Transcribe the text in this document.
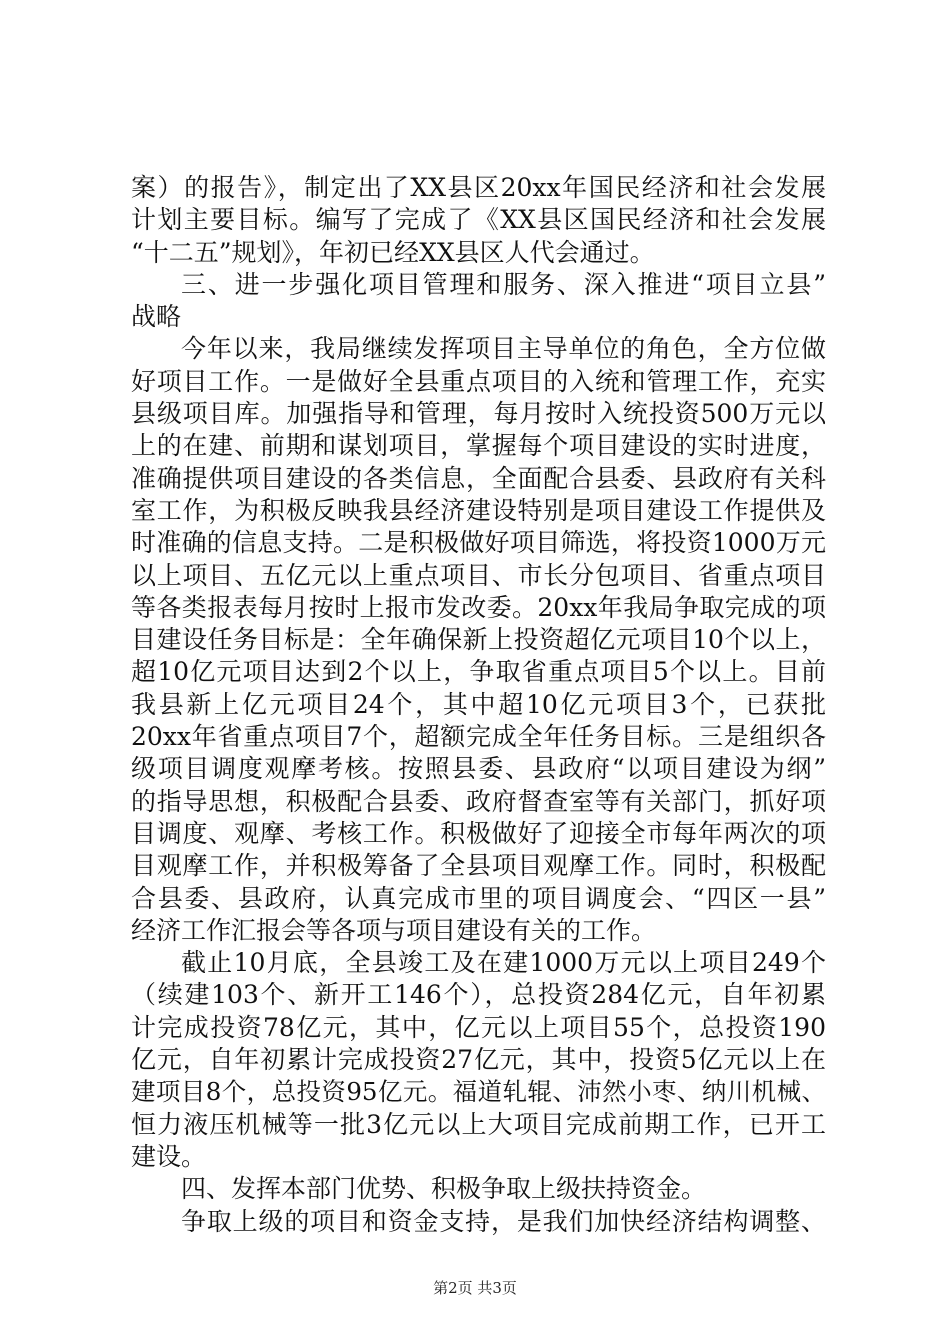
案）的报告》，制定出了XX县区20xx年国民经济和社会发展
计划主要目标。编写了完成了《XX县区国民经济和社会发展
“十二五”规划》，年初已经XX县区人代会通过。
三、进一步强化项目管理和服务、深入推进“项目立县”
战略
今年以来，我局继续发挥项目主导单位的角色，全方位做
好项目工作。一是做好全县重点项目的入统和管理工作，充实
县级项目库。加强指导和管理，每月按时入统投资500万元以
上的在建、前期和谋划项目，掌握每个项目建设的实时进度，
准确提供项目建设的各类信息，全面配合县委、县政府有关科
室工作，为积极反映我县经济建设特别是项目建设工作提供及
时准确的信息支持。二是积极做好项目筛选，将投资1000万元
以上项目、五亿元以上重点项目、市长分包项目、省重点项目
等各类报表每月按时上报市发改委。20xx年我局争取完成的项
目建设任务目标是：全年确保新上投资超亿元项目10个以上，
超10亿元项目达到2个以上，争取省重点项目5个以上。目前
我县新上亿元项目24个，其中超10亿元项目3个，已获批
20xx年省重点项目7个，超额完成全年任务目标。三是组织各
级项目调度观摩考核。按照县委、县政府“以项目建设为纲”
的指导思想，积极配合县委、政府督查室等有关部门，抓好项
目调度、观摩、考核工作。积极做好了迎接全市每年两次的项
目观摩工作，并积极筹备了全县项目观摩工作。同时，积极配
合县委、县政府，认真完成市里的项目调度会、“四区一县”
经济工作汇报会等各项与项目建设有关的工作。
截止10月底，全县竣工及在建1000万元以上项目249个
（续建103个、新开工146个），总投资284亿元，自年初累
计完成投资78亿元，其中，亿元以上项目55个，总投资190
亿元，自年初累计完成投资27亿元，其中，投资5亿元以上在
建项目8个，总投资95亿元。福道轧辊、沛然小枣、纳川机械、
恒力液压机械等一批3亿元以上大项目完成前期工作，已开工
建设。
四、发挥本部门优势、积极争取上级扶持资金。
争取上级的项目和资金支持，是我们加快经济结构调整、
第2页 共3页
